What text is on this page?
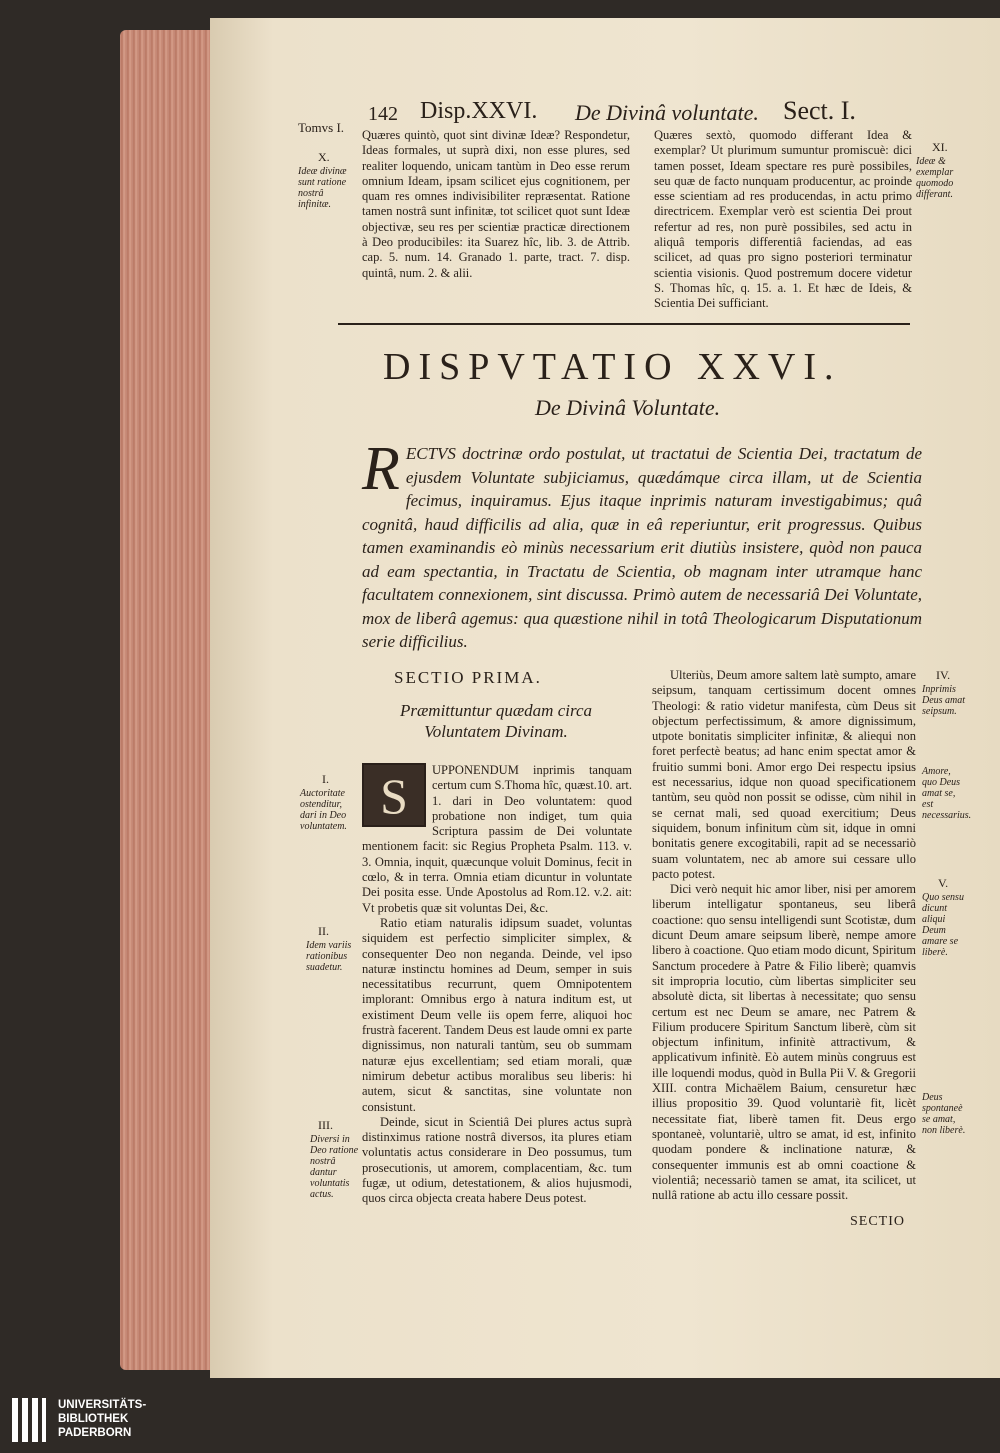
Tomvs I.
142 Disp.XXVI. De Divinâ voluntate. Sect. I.
X.
Ideæ divinæ sunt ratione nostrâ infinitæ.
Quæres quintò, quot sint divinæ Ideæ? Respondetur, Ideas formales, ut suprà dixi, non esse plures, sed realiter loquendo, unicam tantùm in Deo esse rerum omnium Ideam, ipsam scilicet ejus cognitionem, per quam res omnes indivisibiliter repræsentat. Ratione tamen nostrâ sunt infinitæ, tot scilicet quot sunt Ideæ objectivæ, seu res per scientiæ practicæ directionem à Deo producibiles: ita Suarez hîc, lib. 3. de Attrib. cap. 5. num. 14. Granado 1. parte, tract. 7. disp. quintâ, num. 2. & alii.
Quæres sextò, quomodo differant Idea & exemplar? Ut plurimum sumuntur promiscuè: dici tamen posset, Ideam spectare res purè possibiles, seu quæ de facto nunquam producentur, ac proinde esse scientiam ad res producendas, in actu primo directricem. Exemplar verò est scientia Dei prout refertur ad res, non purè possibiles, sed actu in aliquâ temporis differentiâ faciendas, ad eas scilicet, ad quas pro signo posteriori terminatur scientia visionis. Quod postremum docere videtur S. Thomas hîc, q. 15. a. 1. Et hæc de Ideis, & Scientia Dei sufficiant.
XI.
Ideæ & exemplar quomodo differant.
DISPVTATIO XXVI.
De Divinâ Voluntate.
RECTVS doctrinæ ordo postulat, ut tractatui de Scientia Dei, tractatum de ejusdem Voluntate subjiciamus, quædámque circa illam, ut de Scientia fecimus, inquiramus. Ejus itaque inprimis naturam investigabimus; quâ cognitâ, haud difficilis ad alia, quæ in eâ reperiuntur, erit progressus. Quibus tamen examinandis eò minùs necessarium erit diutiùs insistere, quòd non pauca ad eam spectantia, in Tractatu de Scientia, ob magnam inter utramque hanc facultatem connexionem, sint discussa. Primò autem de necessariâ Dei Voluntate, mox de liberâ agemus: qua quæstione nihil in totâ Theologicarum Disputationum serie difficilius.
SECTIO PRIMA.
Præmittuntur quædam circa Voluntatem Divinam.
S	UPPONENDUM inprimis tanquam certum cum S.Thoma hîc, quæst.10. art. 1. dari in Deo voluntatem: quod probatione non indiget, tum quia Scriptura passim de Dei voluntate mentionem facit: sic Regius Propheta Psalm. 113. v. 3. Omnia, inquit, quæcunque voluit Dominus, fecit in cœlo, & in terra. Omnia etiam dicuntur in voluntate Dei posita esse. Unde Apostolus ad Rom.12. v.2. ait: Vt probetis quæ sit voluntas Dei, &c.
Ratio etiam naturalis idipsum suadet, voluntas siquidem est perfectio simpliciter simplex, & consequenter Deo non neganda. Deinde, vel ipso naturæ instinctu homines ad Deum, semper in suis necessitatibus recurrunt, quem Omnipotentem implorant: Omnibus ergo à natura inditum est, ut existiment Deum velle iis opem ferre, aliquoi hoc frustrà facerent. Tandem Deus est laude omni ex parte dignissimus, non naturali tantùm, seu ob summam naturæ ejus excellentiam; sed etiam morali, quæ nimirum debetur actibus moralibus seu liberis: hi autem, sicut & sanctitas, sine voluntate non consistunt.
Deinde, sicut in Scientiâ Dei plures actus suprà distinximus ratione nostrâ diversos, ita plures etiam voluntatis actus considerare in Deo possumus, tum prosecutionis, ut amorem, complacentiam, &c. tum fugæ, ut odium, detestationem, & alios hujusmodi, quos circa objecta creata habere Deus potest.
I.
Auctoritate ostenditur, dari in Deo voluntatem.
II.
Idem variis rationibus suadetur.
III.
Diversi in Deo ratione nostrâ dantur voluntatis actus.
Ulteriùs, Deum amore saltem latè sumpto, amare seipsum, tanquam certissimum docent omnes Theologi: & ratio videtur manifesta, cùm Deus sit objectum perfectissimum, & amore dignissimum, utpote bonitatis simpliciter infinitæ, & aliequi non foret perfectè beatus; ad hanc enim spectat amor & fruitio summi boni. Amor ergo Dei respectu ipsius est necessarius, idque non quoad specificationem tantùm, seu quòd non possit se odisse, cùm nihil in se cernat mali, sed quoad exercitium; Deus siquidem, bonum infinitum cùm sit, idque in omni bonitatis genere excogitabili, rapit ad se necessariò suam voluntatem, nec ab amore sui cessare ullo pacto potest.
Dici verò nequit hic amor liber, nisi per amorem liberum intelligatur spontaneus, seu liberâ coactione: quo sensu intelligendi sunt Scotistæ, dum dicunt Deum amare seipsum liberè, nempe amore libero à coactione. Quo etiam modo dicunt, Spiritum Sanctum procedere à Patre & Filio liberè; quamvis sit impropria locutio, cùm libertas simpliciter seu absolutè dicta, sit libertas à necessitate; quo sensu certum est nec Deum se amare, nec Patrem & Filium producere Spiritum Sanctum liberè, cùm sit objectum infinitum, infinitè attractivum, & applicativum infinitè. Eò autem minùs congruus est ille loquendi modus, quòd in Bulla Pii V. & Gregorii XIII. contra Michaëlem Baium, censuretur hæc illius propositio 39. Quod voluntariè fit, licèt necessitate fiat, liberè tamen fit. Deus ergo spontaneè, voluntariè, ultro se amat, id est, infinito quodam pondere & inclinatione naturæ, & consequenter immunis est ab omni coactione & violentiâ; necessariò tamen se amat, ita scilicet, ut nullâ ratione ab actu illo cessare possit.
SECTIO
IV.
Inprimis Deus amat seipsum.
Amore, quo Deus amat se, est necessarius.
V.
Quo sensu dicunt aliqui Deum amare se liberè.
Deus spontaneè se amat, non liberè.
UNIVERSITÄTS-
BIBLIOTHEK
PADERBORN
